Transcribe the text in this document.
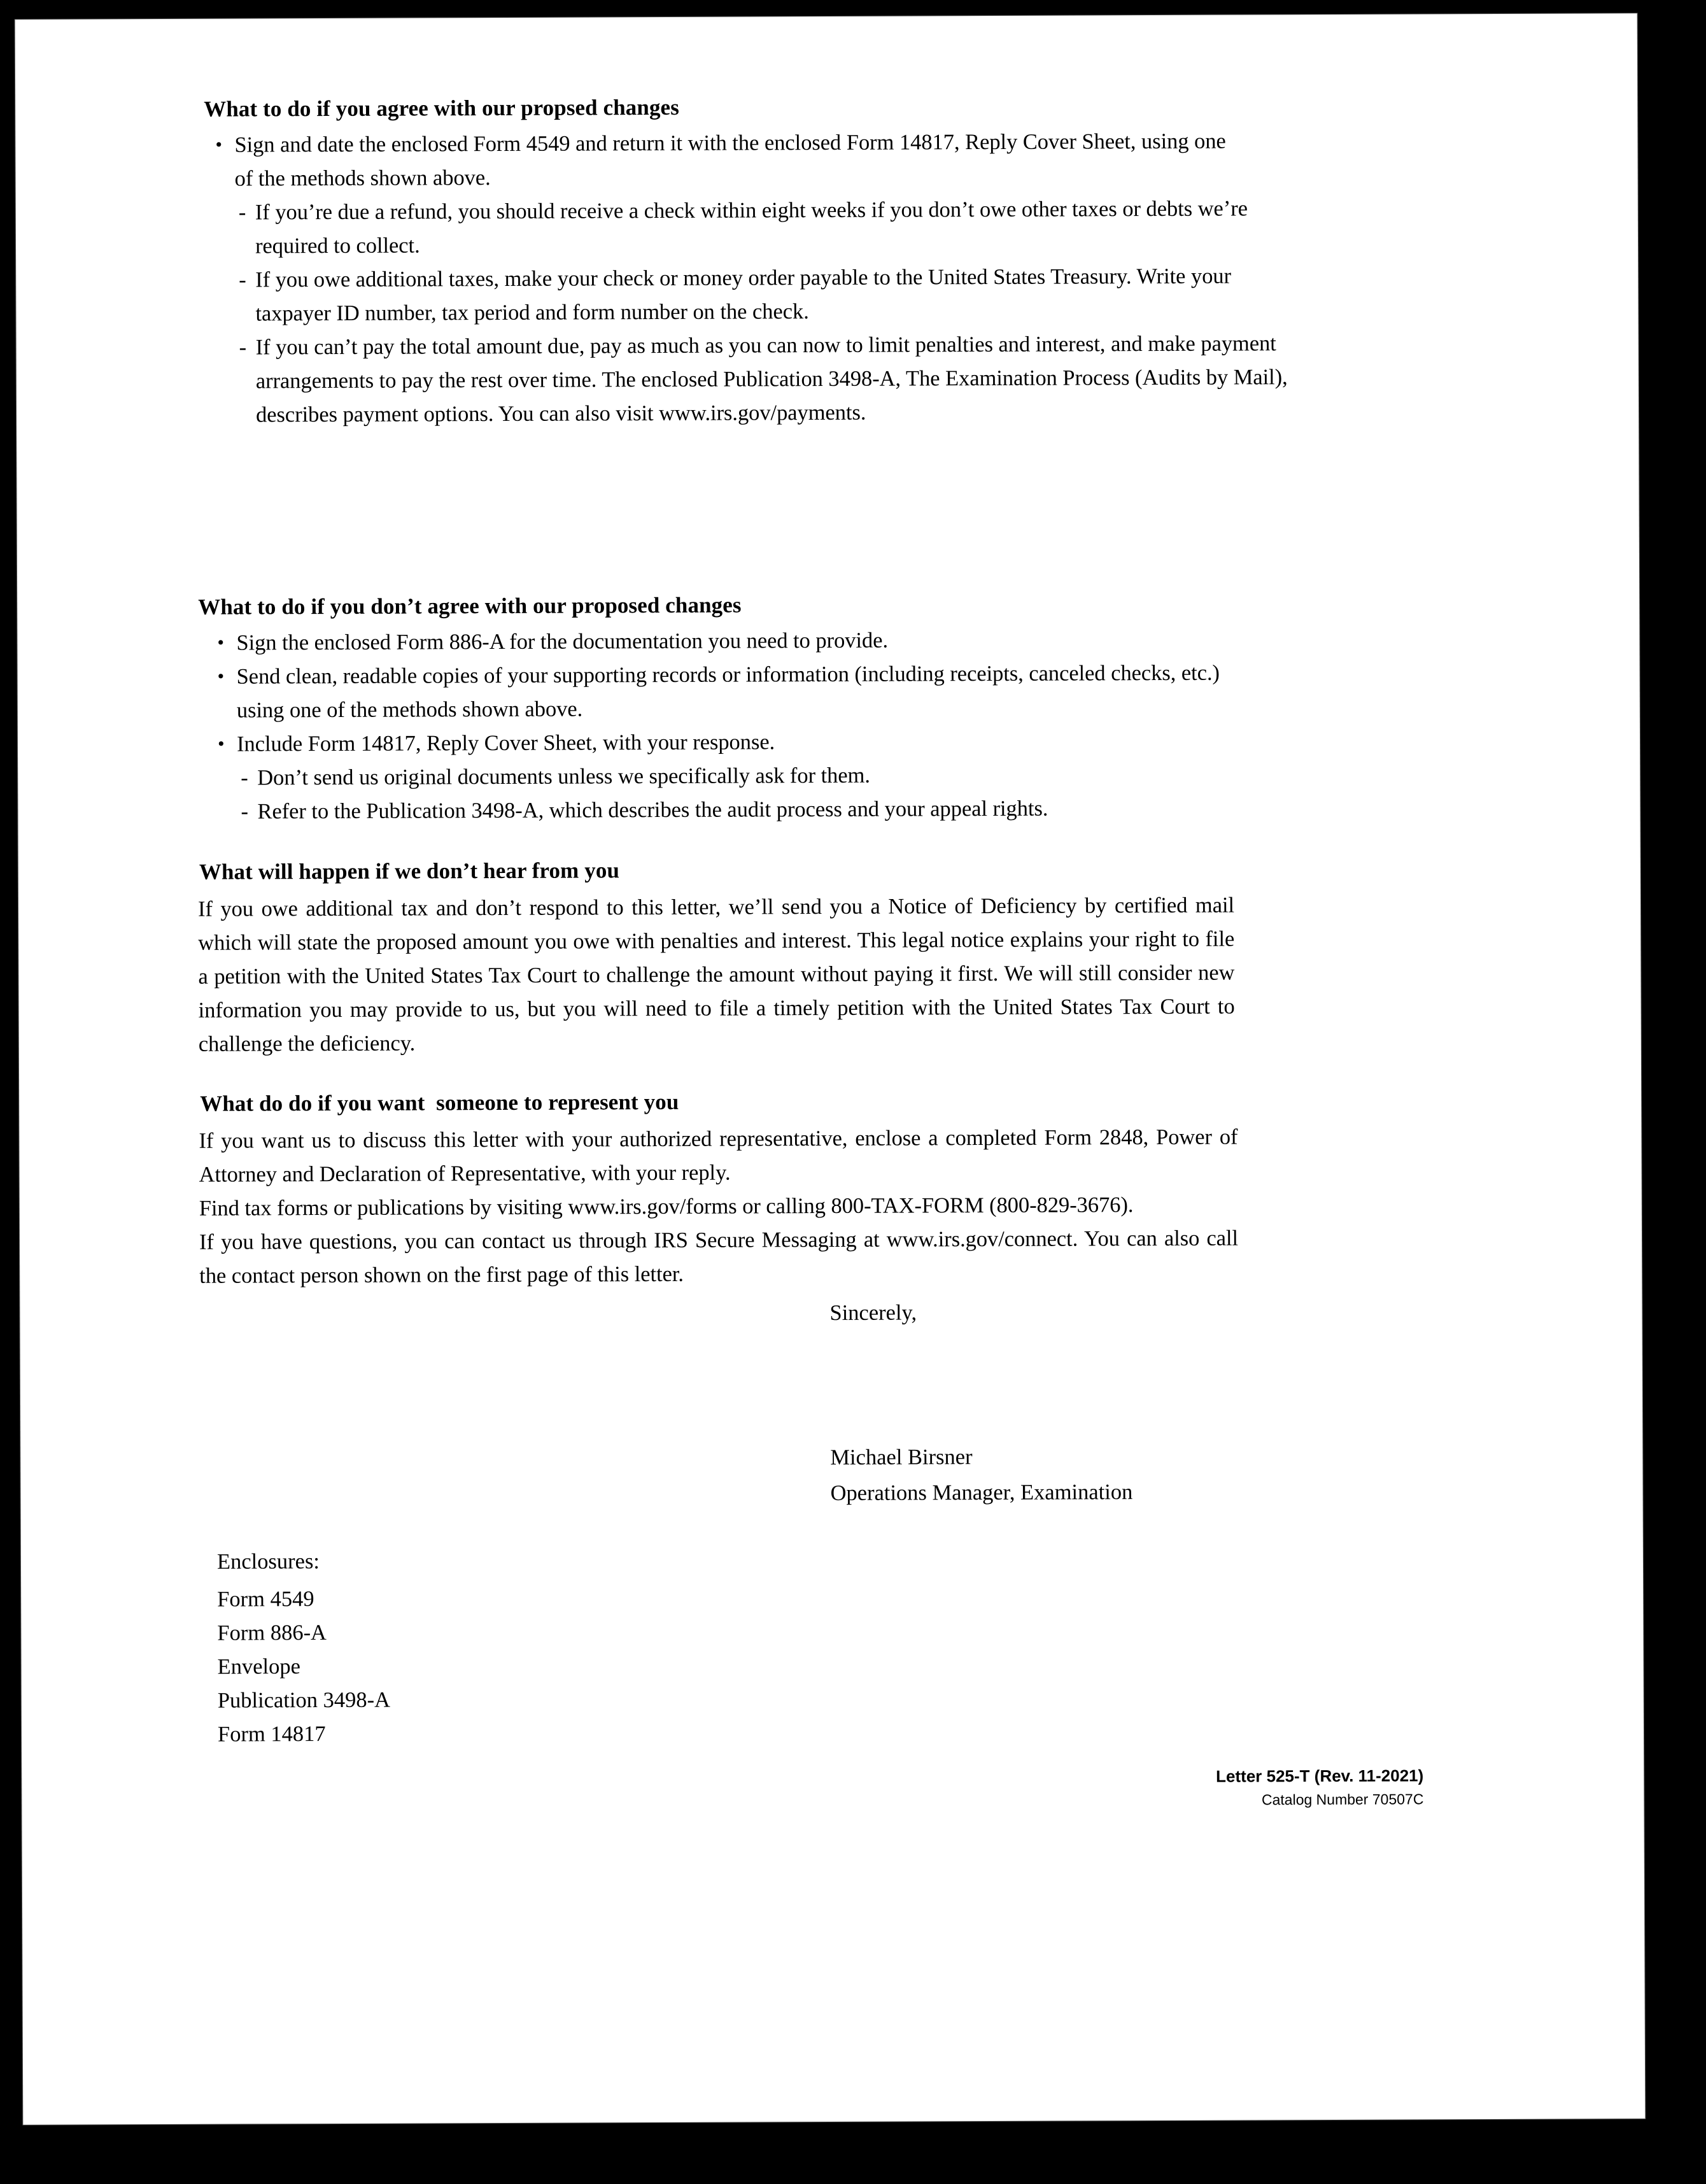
What to do if you agree with our propsed changes
• Sign and date the enclosed Form 4549 and return it with the enclosed Form 14817, Reply Cover Sheet, using one of the methods shown above.
- If you’re due a refund, you should receive a check within eight weeks if you don’t owe other taxes or debts we’re required to collect.
- If you owe additional taxes, make your check or money order payable to the United States Treasury. Write your taxpayer ID number, tax period and form number on the check.
- If you can’t pay the total amount due, pay as much as you can now to limit penalties and interest, and make payment arrangements to pay the rest over time. The enclosed Publication 3498-A, The Examination Process (Audits by Mail), describes payment options. You can also visit www.irs.gov/payments.
What to do if you don’t agree with our proposed changes
• Sign the enclosed Form 886-A for the documentation you need to provide.
• Send clean, readable copies of your supporting records or information (including receipts, canceled checks, etc.) using one of the methods shown above.
• Include Form 14817, Reply Cover Sheet, with your response.
- Don’t send us original documents unless we specifically ask for them.
- Refer to the Publication 3498-A, which describes the audit process and your appeal rights.
What will happen if we don’t hear from you
If you owe additional tax and don’t respond to this letter, we’ll send you a Notice of Deficiency by certified mail which will state the proposed amount you owe with penalties and interest. This legal notice explains your right to file a petition with the United States Tax Court to challenge the amount without paying it first. We will still consider new information you may provide to us, but you will need to file a timely petition with the United States Tax Court to challenge the deficiency.
What do do if you want  someone to represent you
If you want us to discuss this letter with your authorized representative, enclose a completed Form 2848, Power of Attorney and Declaration of Representative, with your reply.
Find tax forms or publications by visiting www.irs.gov/forms or calling 800-TAX-FORM (800-829-3676).
If you have questions, you can contact us through IRS Secure Messaging at www.irs.gov/connect. You can also call the contact person shown on the first page of this letter.
Sincerely,
Michael Birsner
Operations Manager, Examination
Enclosures:
Form 4549
Form 886-A
Envelope
Publication 3498-A
Form 14817
Letter 525-T (Rev. 11-2021)
Catalog Number 70507C
